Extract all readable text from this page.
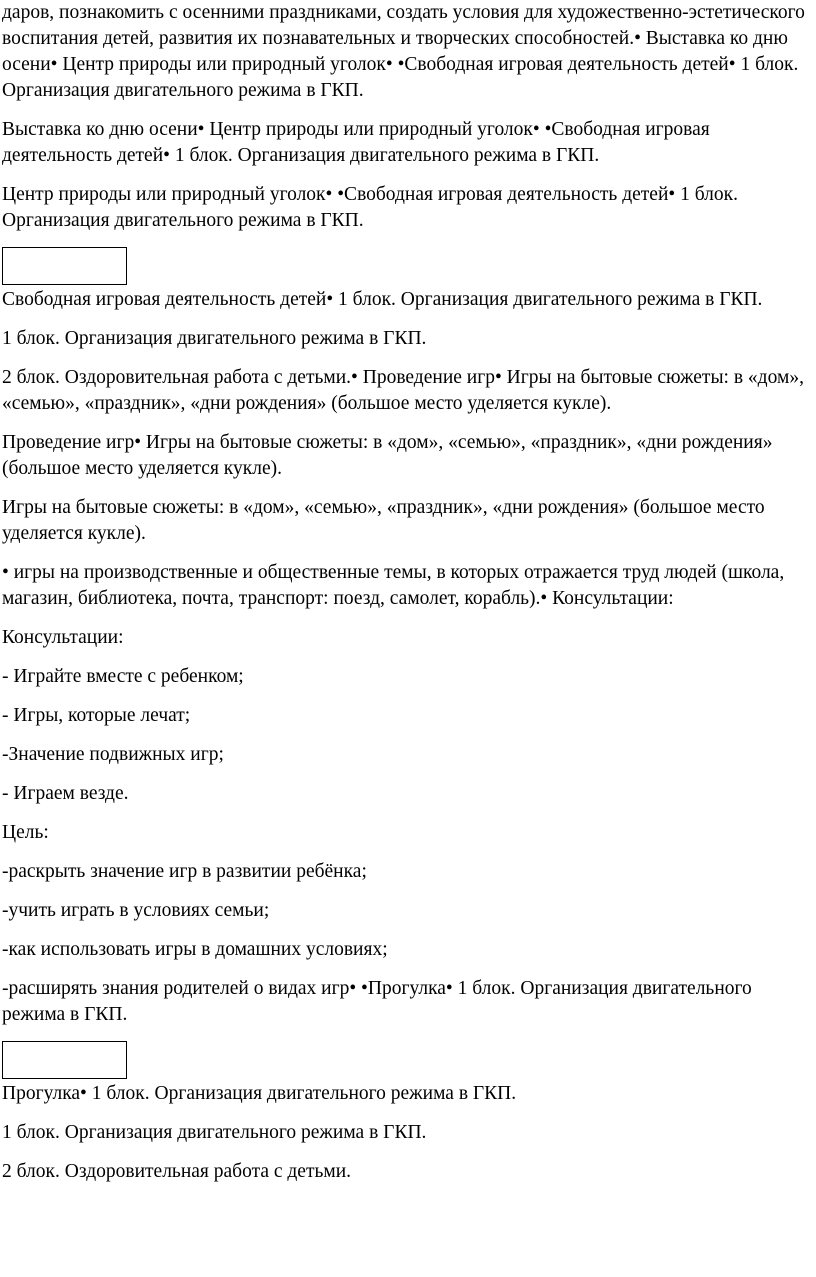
даров, познакомить с осенними праздниками, создать условия для художественно-эстетического воспитания детей, развития их познавательных и творческих способностей.• Выставка ко дню осени• Центр природы или природный уголок• •Свободная игровая деятельность детей• 1 блок. Организация двигательного режима в ГКП.

Выставка ко дню осени• Центр природы или природный уголок• •Свободная игровая деятельность детей• 1 блок. Организация двигательного режима в ГКП.

Центр природы или природный уголок• •Свободная игровая деятельность детей• 1 блок. Организация двигательного режима в ГКП.

Свободная игровая деятельность детей• 1 блок. Организация двигательного режима в ГКП.

1 блок. Организация двигательного режима в ГКП.

2 блок. Оздоровительная работа с детьми.• Проведение игр• Игры на бытовые сюжеты: в «дом», «семью», «праздник», «дни рождения» (большое место уделяется кукле).

Проведение игр• Игры на бытовые сюжеты: в «дом», «семью», «праздник», «дни рождения» (большое место уделяется кукле).

Игры на бытовые сюжеты: в «дом», «семью», «праздник», «дни рождения» (большое место уделяется кукле).

• игры на производственные и общественные темы, в которых отражается труд людей (школа, магазин, библиотека, почта, транспорт: поезд, самолет, корабль).• Консультации:

Консультации:

- Играйте вместе с ребенком;

- Игры, которые лечат;

-Значение подвижных игр;

- Играем везде.

Цель:

-раскрыть значение игр в развитии ребёнка;

-учить играть в условиях семьи;

-как использовать игры в домашних условиях;

-расширять знания родителей о видах игр• •Прогулка• 1 блок. Организация двигательного режима в ГКП.

Прогулка• 1 блок. Организация двигательного режима в ГКП.

1 блок. Организация двигательного режима в ГКП.

2 блок. Оздоровительная работа с детьми.
